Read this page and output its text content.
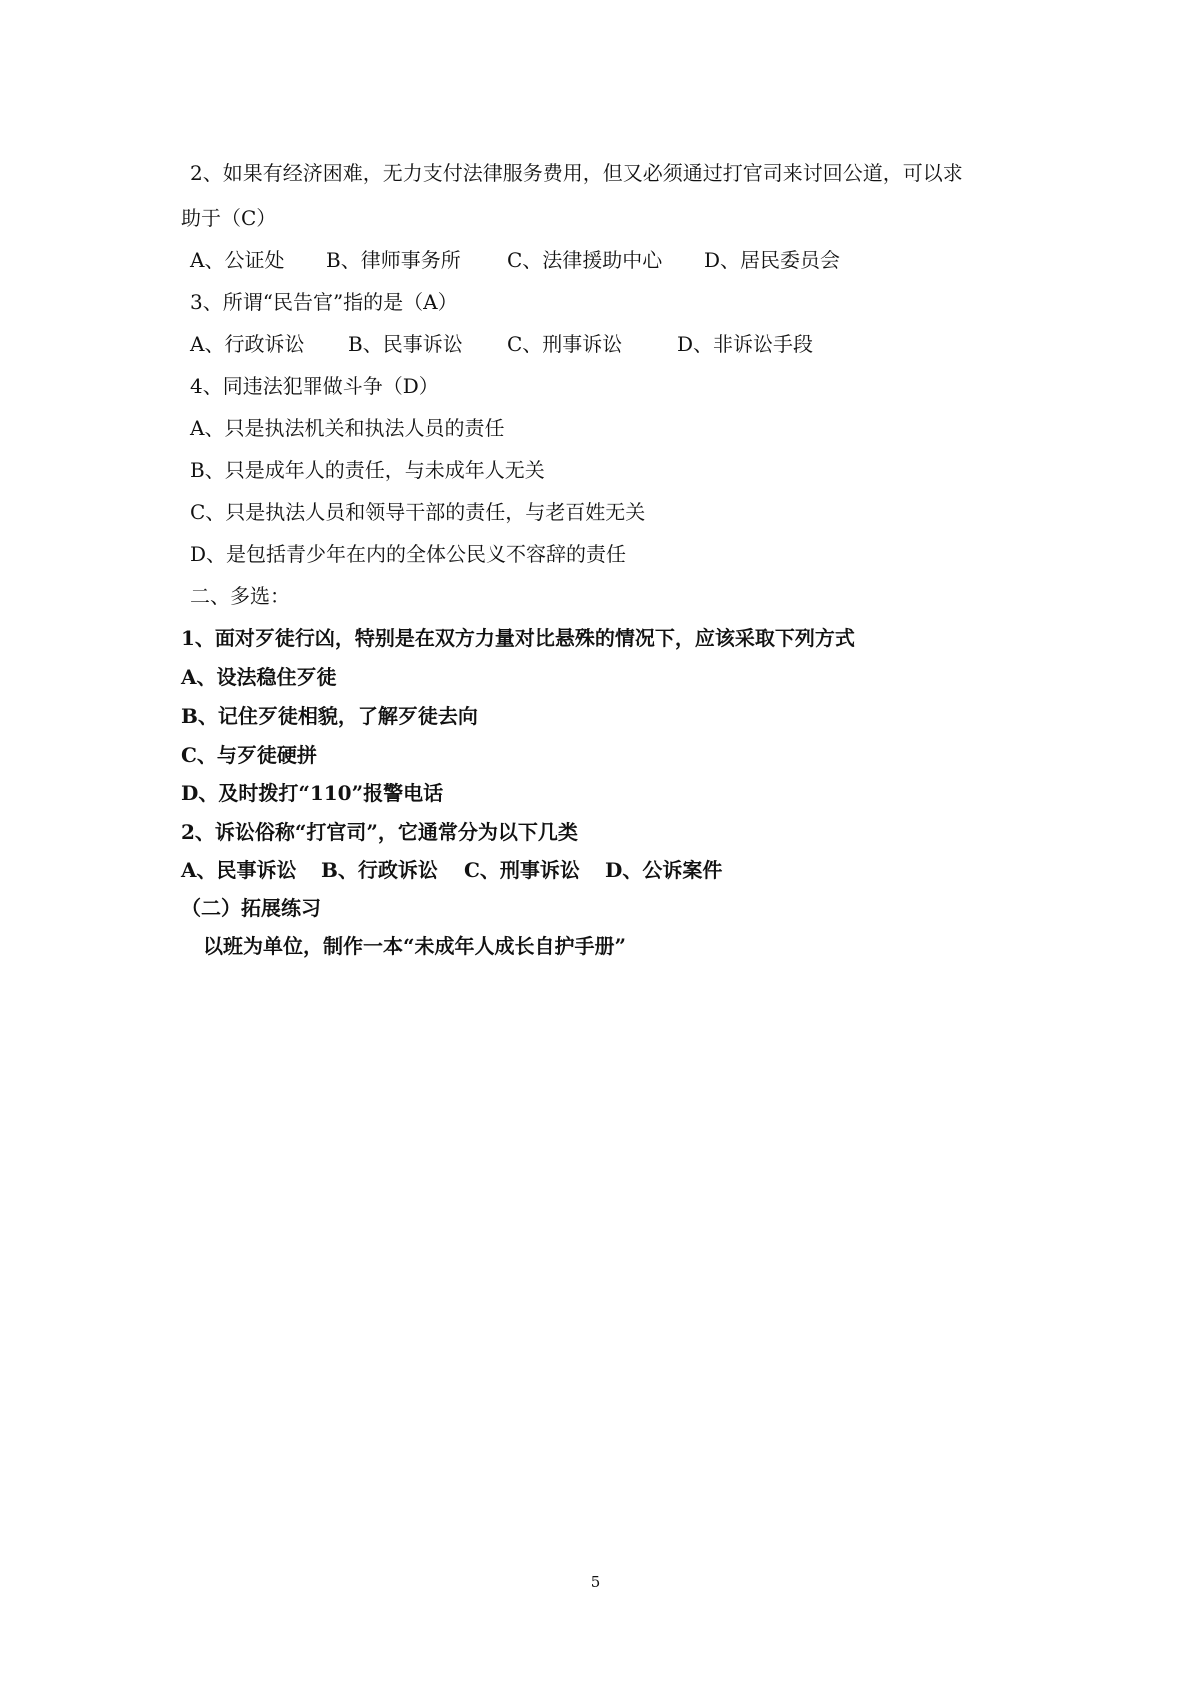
2、如果有经济困难，无力支付法律服务费用，但又必须通过打官司来讨回公道，可以求
助于（C）
A、公证处 B、律师事务所 C、法律援助中心 D、居民委员会
3、所谓“民告官”指的是（A）
A、行政诉讼 B、民事诉讼 C、刑事诉讼	D、非诉讼手段
4、同违法犯罪做斗争（D）
A、只是执法机关和执法人员的责任
B、只是成年人的责任，与未成年人无关
C、只是执法人员和领导干部的责任，与老百姓无关
D、是包括青少年在内的全体公民义不容辞的责任
二、多选：
1、面对歹徒行凶，特别是在双方力量对比悬殊的情况下，应该采取下列方式
A、设法稳住歹徒
B、记住歹徒相貌，了解歹徒去向
C、与歹徒硬拼
D、及时拨打“110”报警电话
2、诉讼俗称“打官司”，它通常分为以下几类
A、民事诉讼 B、行政诉讼 C、刑事诉讼 D、公诉案件
（二）拓展练习
以班为单位，制作一本“未成年人成长自护手册”
5
